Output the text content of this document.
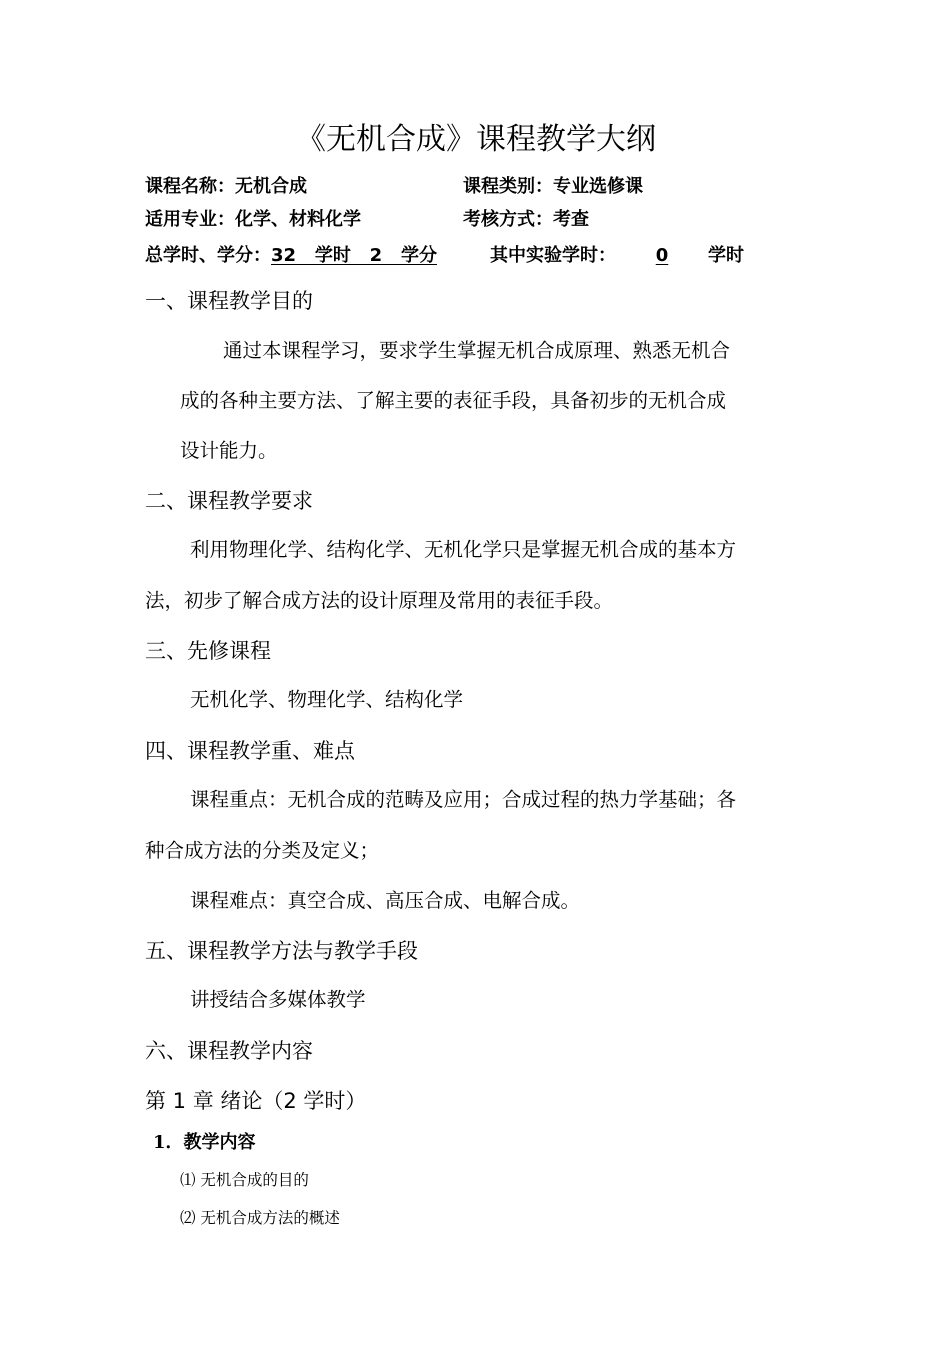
《无机合成》课程教学大纲
课程名称：无机合成	课程类别：专业选修课
适用专业：化学、材料化学	考核方式：考查
总学时、学分：32   学时   2   学分	其中实验学时： 0 学时
一、课程教学目的
通过本课程学习，要求学生掌握无机合成原理、熟悉无机合
成的各种主要方法、了解主要的表征手段，具备初步的无机合成
设计能力。
二、课程教学要求
利用物理化学、结构化学、无机化学只是掌握无机合成的基本方
法，初步了解合成方法的设计原理及常用的表征手段。
三、先修课程
无机化学、物理化学、结构化学
四、课程教学重、难点
课程重点：无机合成的范畴及应用；合成过程的热力学基础；各
种合成方法的分类及定义；
课程难点：真空合成、高压合成、电解合成。
五、课程教学方法与教学手段
讲授结合多媒体教学
六、课程教学内容
第 1 章 绪论（2 学时）
1．教学内容
⑴ 无机合成的目的
⑵ 无机合成方法的概述
